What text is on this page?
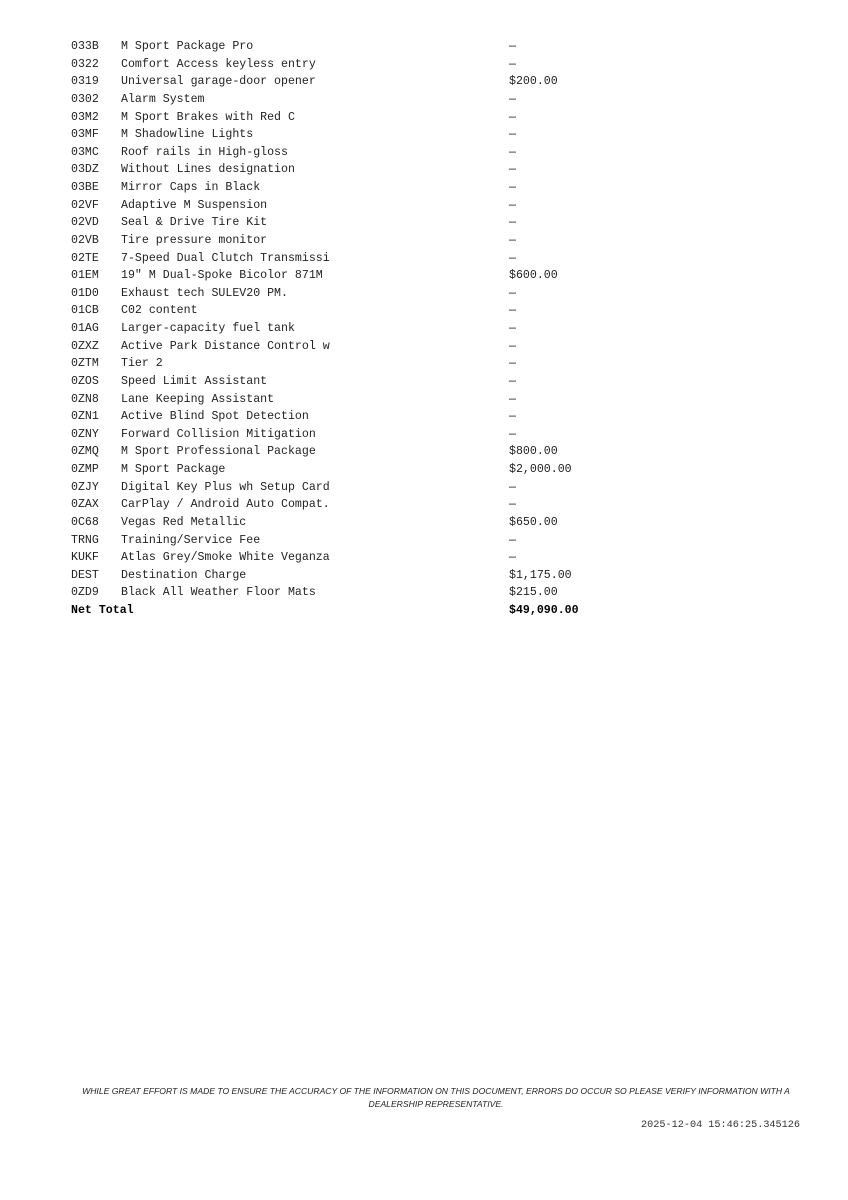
033B M Sport Package Pro	—
0322 Comfort Access keyless entry	—
0319 Universal garage-door opener	$200.00
0302 Alarm System	—
03M2 M Sport Brakes with Red C	—
03MF M Shadowline Lights	—
03MC Roof rails in High-gloss	—
03DZ Without Lines designation	—
03BE Mirror Caps in Black	—
02VF Adaptive M Suspension	—
02VD Seal & Drive Tire Kit	—
02VB Tire pressure monitor	—
02TE 7-Speed Dual Clutch Transmissi	—
01EM 19" M Dual-Spoke Bicolor 871M	$600.00
01D0 Exhaust tech SULEV20 PM.	—
01CB C02 content	—
01AG Larger-capacity fuel tank	—
0ZXZ Active Park Distance Control w	—
0ZTM Tier 2	—
0ZOS Speed Limit Assistant	—
0ZN8 Lane Keeping Assistant	—
0ZN1 Active Blind Spot Detection	—
0ZNY Forward Collision Mitigation	—
0ZMQ M Sport Professional Package	$800.00
0ZMP M Sport Package	$2,000.00
0ZJY Digital Key Plus wh Setup Card	—
0ZAX CarPlay / Android Auto Compat.	—
0C68 Vegas Red Metallic	$650.00
TRNG Training/Service Fee	—
KUKF Atlas Grey/Smoke White Veganza	—
DEST Destination Charge	$1,175.00
0ZD9 Black All Weather Floor Mats	$215.00
Net Total	$49,090.00
WHILE GREAT EFFORT IS MADE TO ENSURE THE ACCURACY OF THE INFORMATION ON THIS DOCUMENT, ERRORS DO OCCUR SO PLEASE VERIFY INFORMATION WITH A DEALERSHIP REPRESENTATIVE.
2025-12-04 15:46:25.345126
